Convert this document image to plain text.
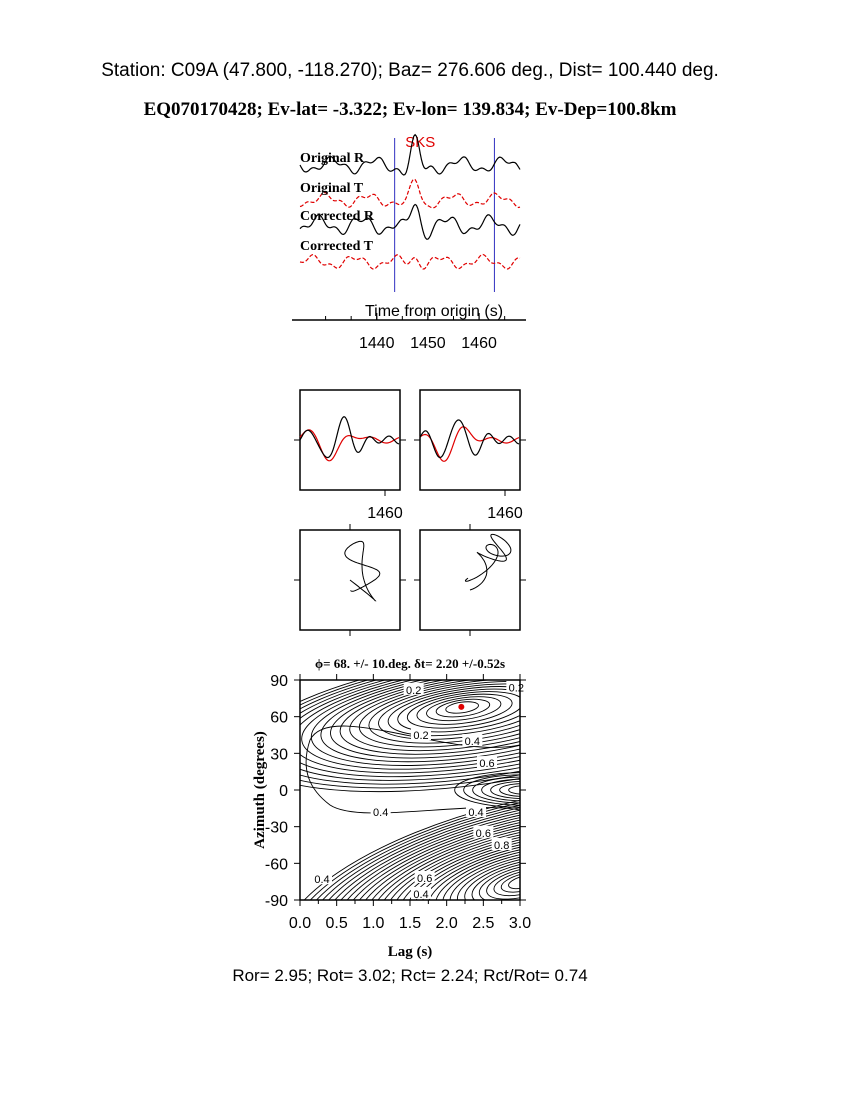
Station: C09A (47.800, -118.270); Baz= 276.606 deg., Dist= 100.440 deg.
EQ070170428; Ev-lat= -3.322; Ev-lon= 139.834; Ev-Dep=100.8km
SKS
Original R
Original T
Corrected R
Corrected T
Time from origin (s)
1440 1450 1460
1460	1460
ϕ= 68. +/- 10.deg. δt= 2.20 +/-0.52s
0.2
0.2
0.2
0.4
0.6
0.4	0.4
0.6
0.8
0.6
0.4
0.4
0.0 0.5 1.0 1.5 2.0 2.5 3.0
90
60
30
0
-30
-60
-90
Lag (s)
Azimuth (degrees)
Ror= 2.95; Rot= 3.02; Rct= 2.24; Rct/Rot= 0.74
